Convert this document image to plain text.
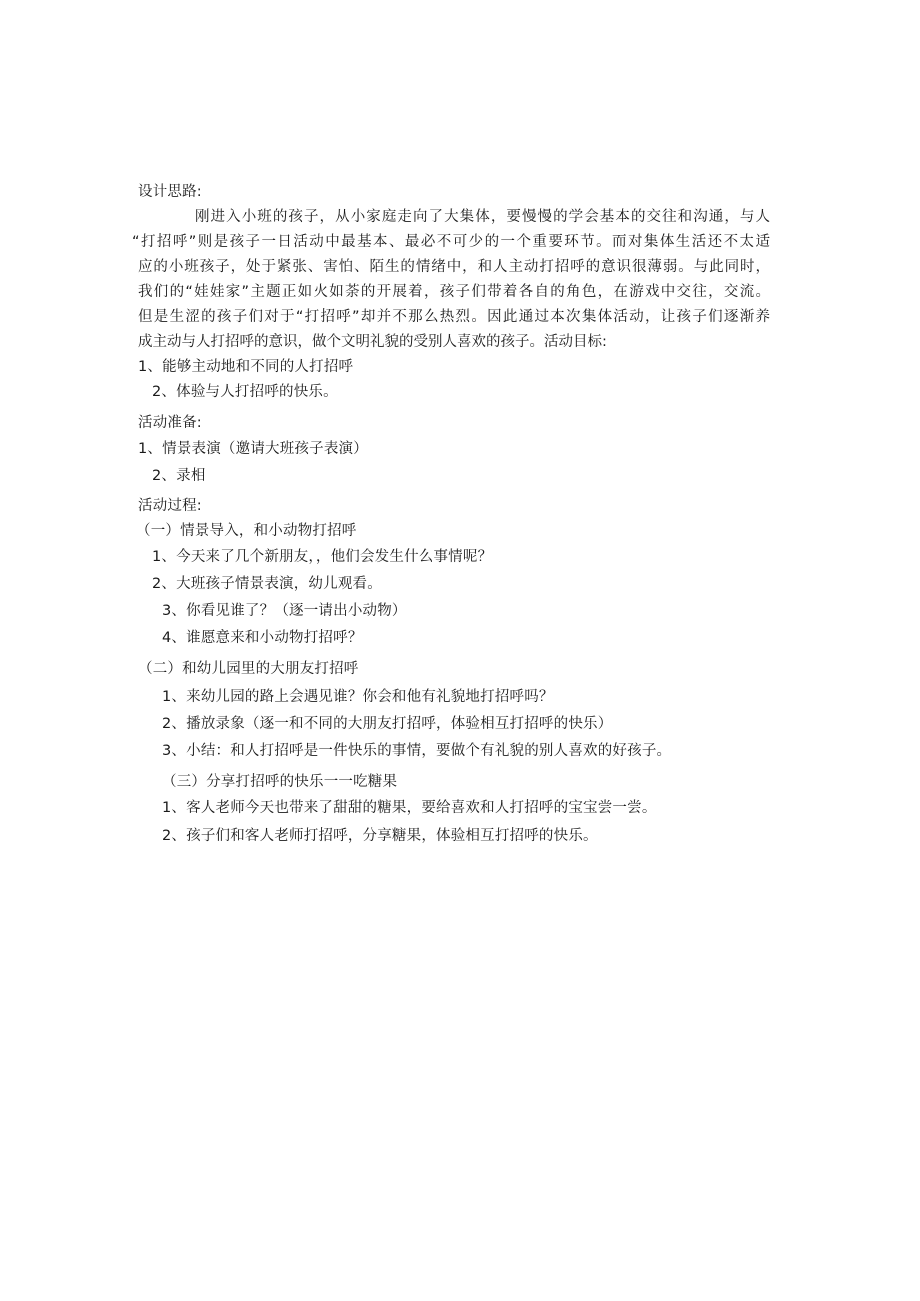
设计思路:
刚进入小班的孩子，从小家庭走向了大集体，要慢慢的学会基本的交往和沟通，与人
“打招呼”则是孩子一日活动中最基本、最必不可少的一个重要环节。而对集体生活还不太适
应的小班孩子，处于紧张、害怕、陌生的情绪中，和人主动打招呼的意识很薄弱。与此同时，
我们的“娃娃家”主题正如火如荼的开展着，孩子们带着各自的角色，在游戏中交往，交流。
但是生涩的孩子们对于“打招呼”却并不那么热烈。因此通过本次集体活动，让孩子们逐渐养
成主动与人打招呼的意识，做个文明礼貌的受别人喜欢的孩子。活动目标:
1、能够主动地和不同的人打招呼
2、体验与人打招呼的快乐。
活动准备:
1、情景表演（邀请大班孩子表演）
2、录相
活动过程:
（一）情景导入，和小动物打招呼
1、今天来了几个新朋友，，他们会发生什么事情呢？
2、大班孩子情景表演，幼儿观看。
3、你看见谁了？（逐一请出小动物）
4、谁愿意来和小动物打招呼？
（二）和幼儿园里的大朋友打招呼
1、来幼儿园的路上会遇见谁？你会和他有礼貌地打招呼吗？
2、播放录象（逐一和不同的大朋友打招呼，体验相互打招呼的快乐）
3、小结：和人打招呼是一件快乐的事情，要做个有礼貌的别人喜欢的好孩子。
（三）分享打招呼的快乐一一吃糖果
1、客人老师今天也带来了甜甜的糖果，要给喜欢和人打招呼的宝宝尝一尝。
2、孩子们和客人老师打招呼，分享糖果，体验相互打招呼的快乐。
